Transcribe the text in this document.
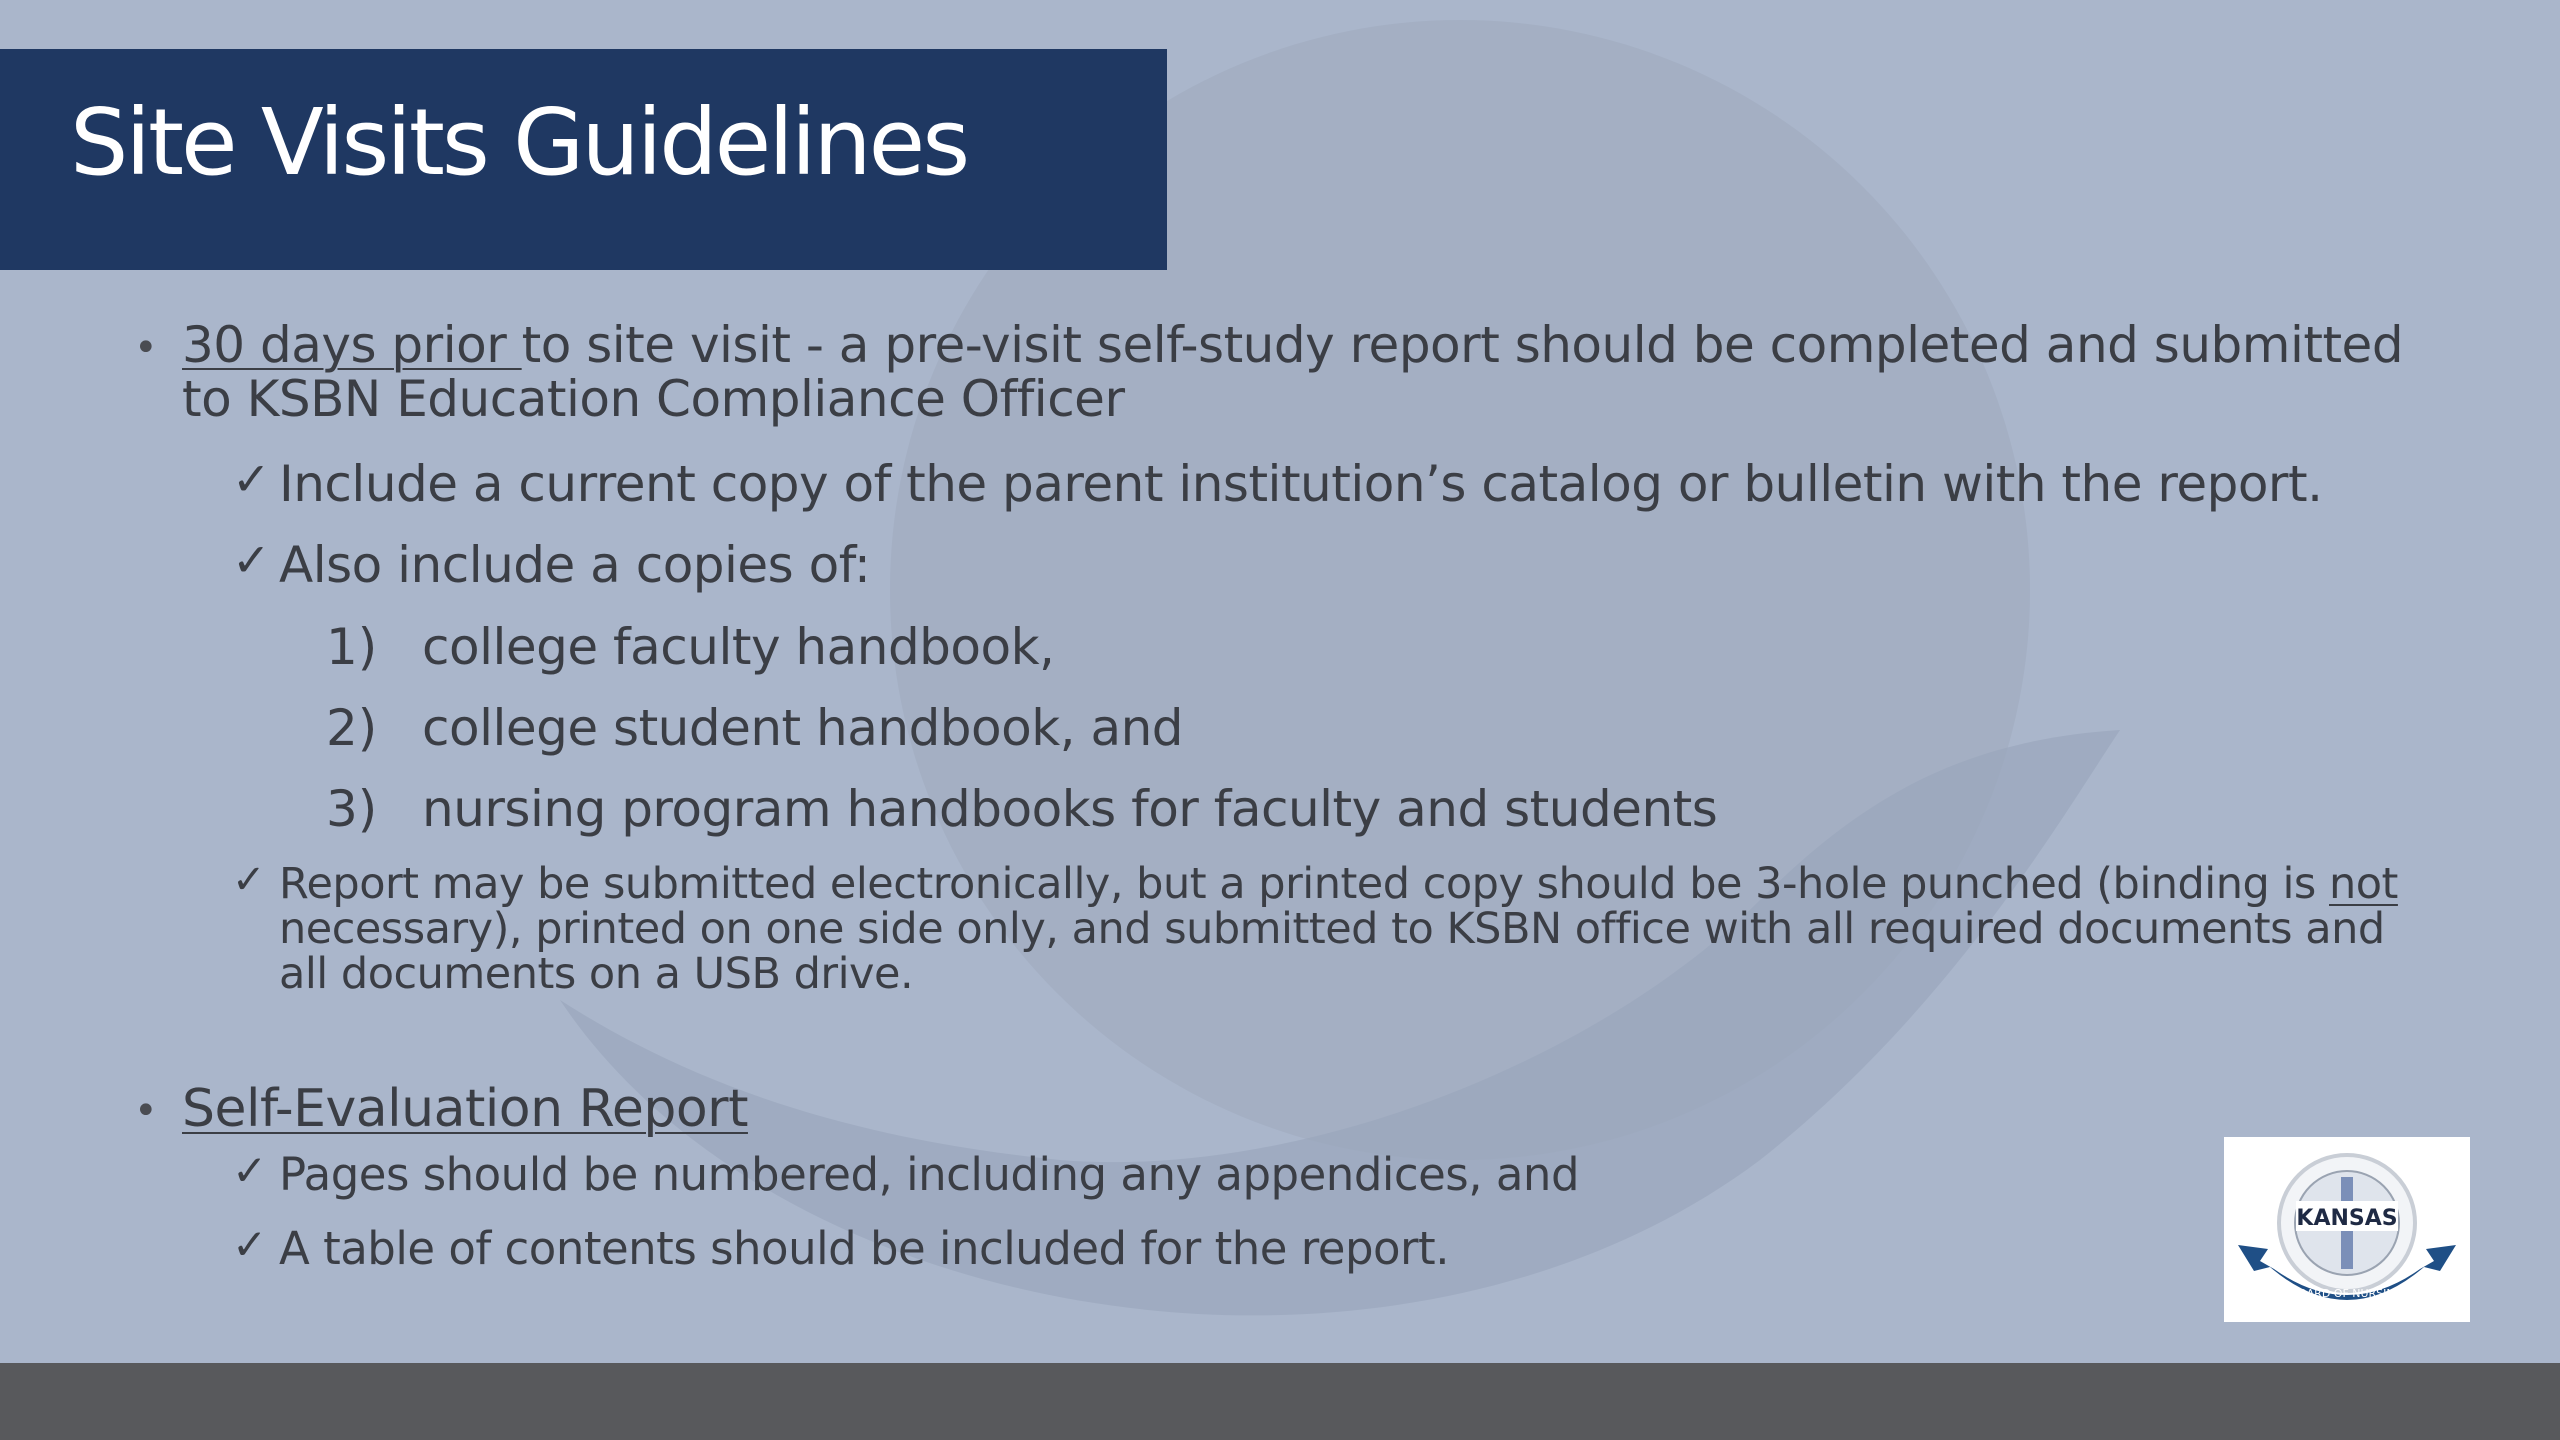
Site Visits Guidelines
• 30 days prior to site visit - a pre-visit self-study report should be completed and submitted to KSBN Education Compliance Officer
✓ Include a current copy of the parent institution’s catalog or bulletin with the report.
✓ Also include a copies of:
1) college faculty handbook,
2) college student handbook, and
3) nursing program handbooks for faculty and students
✓ Report may be submitted electronically, but a printed copy should be 3-hole punched (binding is not necessary), printed on one side only, and submitted to KSBN office with all required documents and all documents on a USB drive.
• Self-Evaluation Report
✓ Pages should be numbered, including any appendices, and
✓ A table of contents should be included for the report.
KANSAS
BOARD OF NURSING
